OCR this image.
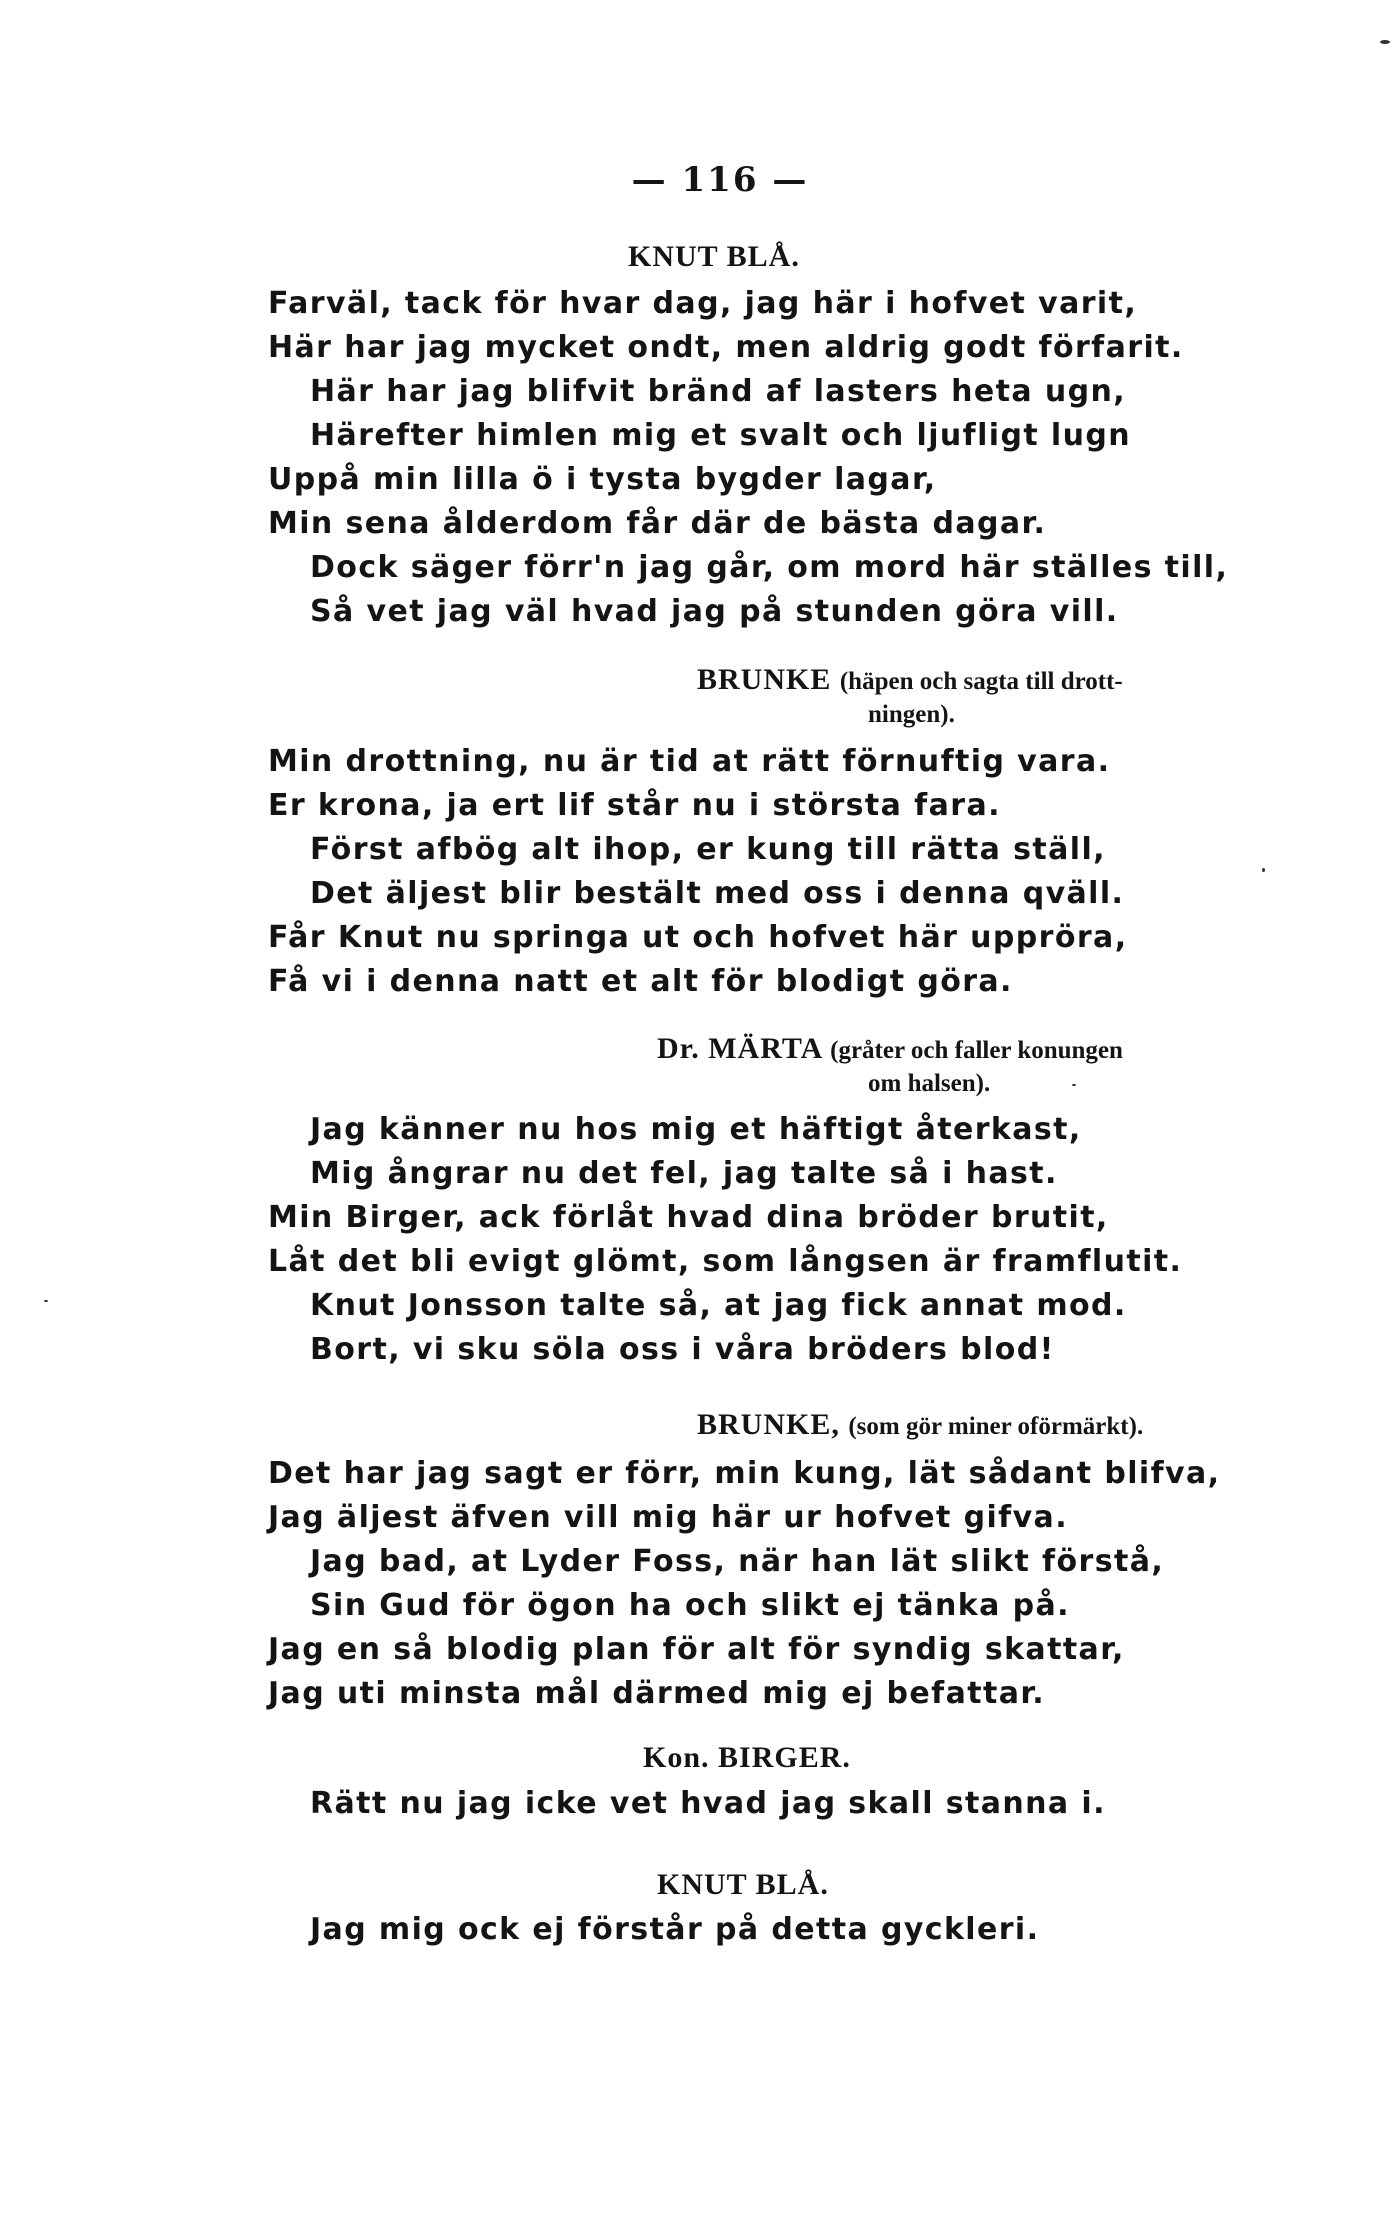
— 116 —
KNUT BLÅ.
Farväl, tack för hvar dag, jag här i hofvet varit,
Här har jag mycket ondt, men aldrig godt förfarit.
Här har jag blifvit bränd af lasters heta ugn,
Härefter himlen mig et svalt och ljufligt lugn
Uppå min lilla ö i tysta bygder lagar,
Min sena ålderdom får där de bästa dagar.
Dock säger förr'n jag går, om mord här ställes till,
Så vet jag väl hvad jag på stunden göra vill.
BRUNKE (häpen och sagta till drott-
ningen).
Min drottning, nu är tid at rätt förnuftig vara.
Er krona, ja ert lif står nu i största fara.
Först afbög alt ihop, er kung till rätta ställ,
Det äljest blir bestält med oss i denna qväll.
Får Knut nu springa ut och hofvet här uppröra,
Få vi i denna natt et alt för blodigt göra.
Dr. MÄRTA (gråter och faller konungen
om halsen).
Jag känner nu hos mig et häftigt återkast,
Mig ångrar nu det fel, jag talte så i hast.
Min Birger, ack förlåt hvad dina bröder brutit,
Låt det bli evigt glömt, som långsen är framflutit.
Knut Jonsson talte så, at jag fick annat mod.
Bort, vi sku söla oss i våra bröders blod!
BRUNKE, (som gör miner oförmärkt).
Det har jag sagt er förr, min kung, lät sådant blifva,
Jag äljest äfven vill mig här ur hofvet gifva.
Jag bad, at Lyder Foss, när han lät slikt förstå,
Sin Gud för ögon ha och slikt ej tänka på.
Jag en så blodig plan för alt för syndig skattar,
Jag uti minsta mål därmed mig ej befattar.
Kon. BIRGER.
Rätt nu jag icke vet hvad jag skall stanna i.
KNUT BLÅ.
Jag mig ock ej förstår på detta gyckleri.
